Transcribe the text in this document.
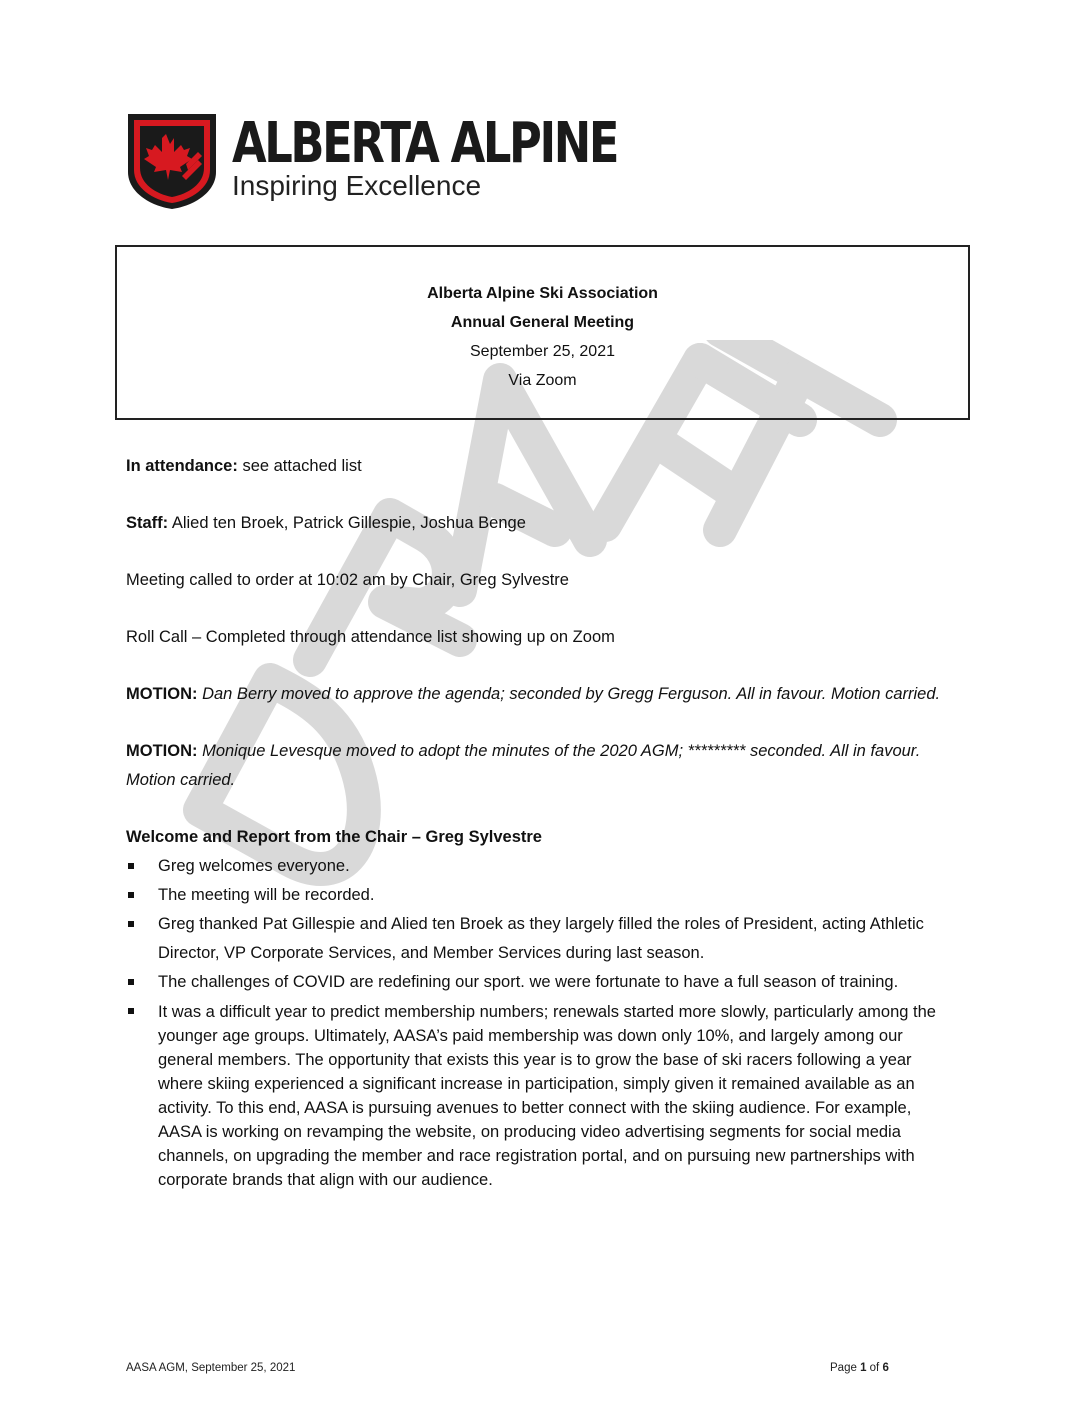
ALBERTA ALPINE
Inspiring Excellence
Alberta Alpine Ski Association
Annual General Meeting
September 25, 2021
Via Zoom

In attendance: see attached list

Staff: Alied ten Broek, Patrick Gillespie, Joshua Benge

Meeting called to order at 10:02 am by Chair, Greg Sylvestre

Roll Call – Completed through attendance list showing up on Zoom

MOTION: Dan Berry moved to approve the agenda; seconded by Gregg Ferguson. All in favour. Motion carried.

MOTION: Monique Levesque moved to adopt the minutes of the 2020 AGM; ********* seconded. All in favour. Motion carried.

Welcome and Report from the Chair – Greg Sylvestre
Greg welcomes everyone.
The meeting will be recorded.
Greg thanked Pat Gillespie and Alied ten Broek as they largely filled the roles of President, acting Athletic Director, VP Corporate Services, and Member Services during last season.
The challenges of COVID are redefining our sport. we were fortunate to have a full season of training.
It was a difficult year to predict membership numbers; renewals started more slowly, particularly among the younger age groups. Ultimately, AASA’s paid membership was down only 10%, and largely among our general members. The opportunity that exists this year is to grow the base of ski racers following a year where skiing experienced a significant increase in participation, simply given it remained available as an activity. To this end, AASA is pursuing avenues to better connect with the skiing audience. For example, AASA is working on revamping the website, on producing video advertising segments for social media channels, on upgrading the member and race registration portal, and on pursuing new partnerships with corporate brands that align with our audience.
AASA AGM, September 25, 2021	Page 1 of 6
